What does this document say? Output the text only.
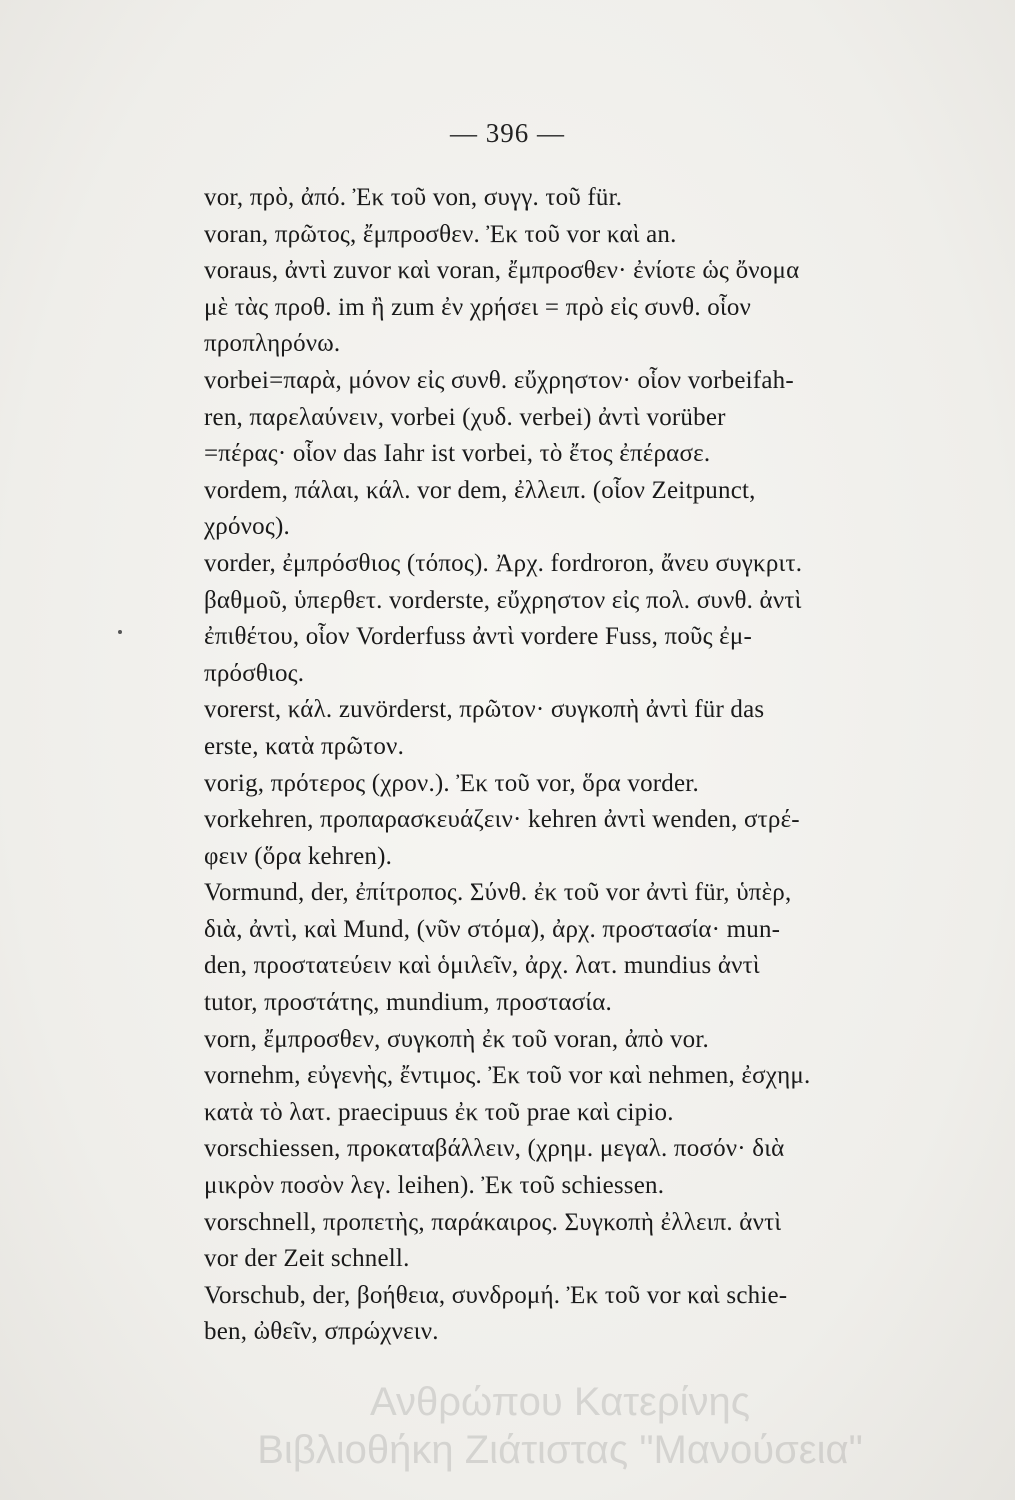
— 396 —
vor, πρὸ, ἀπό. Ἐκ τοῦ von, συγγ. τοῦ für.
voran, πρῶτος, ἔμπροσθεν. Ἐκ τοῦ vor καὶ an.
voraus, ἀντὶ zuvor καὶ voran, ἔμπροσθεν· ἐνίοτε ὡς ὄνομα
μὲ τὰς προθ. im ἢ zum ἐν χρήσει = πρὸ εἰς συνθ. οἷον
προπληρόνω.
vorbei=παρὰ, μόνον εἰς συνθ. εὔχρηστον· οἷον vorbeifah-
ren, παρελαύνειν, vorbei (χυδ. verbei) ἀντὶ vorüber
=πέρας· οἷον das Iahr ist vorbei, τὸ ἔτος ἐπέρασε.
vordem, πάλαι, κάλ. vor dem, ἐλλειπ. (οἷον Zeitpunct,
χρόνος).
vorder, ἐμπρόσθιος (τόπος). Ἀρχ. fordroron, ἄνευ συγκριτ.
βαθμοῦ, ὑπερθετ. vorderste, εὔχρηστον εἰς πολ. συνθ. ἀντὶ
ἐπιθέτου, οἷον Vorderfuss ἀντὶ vordere Fuss, ποῦς ἐμ-
πρόσθιος.
vorerst, κάλ. zuvörderst, πρῶτον· συγκοπὴ ἀντὶ für das
erste, κατὰ πρῶτον.
vorig, πρότερος (χρον.). Ἐκ τοῦ vor, ὅρα vorder.
vorkehren, προπαρασκευάζειν· kehren ἀντὶ wenden, στρέ-
φειν (ὅρα kehren).
Vormund, der, ἐπίτροπος. Σύνθ. ἐκ τοῦ vor ἀντὶ für, ὑπὲρ,
διὰ, ἀντὶ, καὶ Mund, (νῦν στόμα), ἀρχ. προστασία· mun-
den, προστατεύειν καὶ ὁμιλεῖν, ἀρχ. λατ. mundius ἀντὶ
tutor, προστάτης, mundium, προστασία.
vorn, ἔμπροσθεν, συγκοπὴ ἐκ τοῦ voran, ἀπὸ vor.
vornehm, εὐγενὴς, ἔντιμος. Ἐκ τοῦ vor καὶ nehmen, ἐσχημ.
κατὰ τὸ λατ. praecipuus ἐκ τοῦ prae καὶ cipio.
vorschiessen, προκαταβάλλειν, (χρημ. μεγαλ. ποσόν· διὰ
μικρὸν ποσὸν λεγ. leihen). Ἐκ τοῦ schiessen.
vorschnell, προπετὴς, παράκαιρος. Συγκοπὴ ἐλλειπ. ἀντὶ
vor der Zeit schnell.
Vorschub, der, βοήθεια, συνδρομή. Ἐκ τοῦ vor καὶ schie-
ben, ὠθεῖν, σπρώχνειν.
Ανθρώπου Κατερίνης
Βιβλιοθήκη Ζιάτιστας "Μανούσεια"
